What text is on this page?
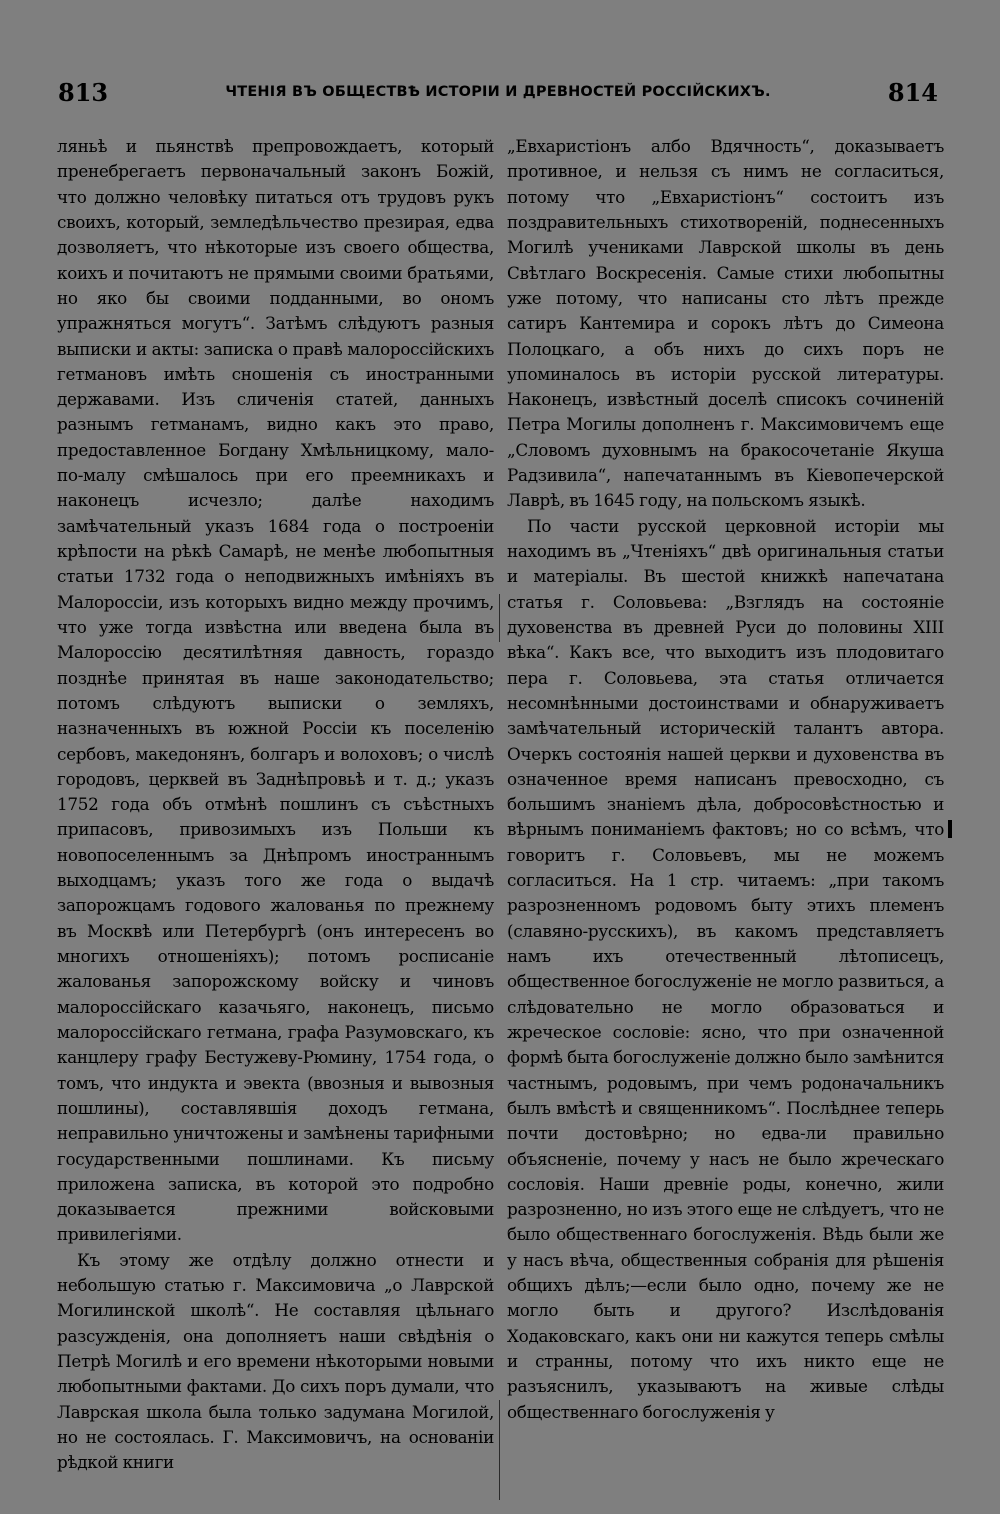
813	ЧТЕНІЯ ВЪ ОБЩЕСТВѢ ИСТОРІИ И ДРЕВНОСТЕЙ РОССІЙСКИХЪ.	814

ляньѣ и пьянствѣ препровождаетъ, который пренебрегаетъ первоначальный законъ Божій, что должно человѣку питаться отъ трудовъ рукъ своихъ, который, земледѣльчество презирая, едва дозволяетъ, что нѣкоторые изъ своего общества, коихъ и почитаютъ не прямыми своими братьями, но яко бы своими подданными, во ономъ упражняться могутъ“. Затѣмъ слѣдуютъ разныя выписки и акты: записка о правѣ малороссійскихъ гетмановъ имѣть сношенія съ иностранными державами. Изъ сличенія статей, данныхъ разнымъ гетманамъ, видно какъ это право, предоставленное Богдану Хмѣльницкому, мало-по-малу смѣшалось при его преемникахъ и наконецъ исчезло; далѣе находимъ замѣчательный указъ 1684 года о построеніи крѣпости на рѣкѣ Самарѣ, не менѣе любопытныя статьи 1732 года о неподвижныхъ имѣніяхъ въ Малороссіи, изъ которыхъ видно между прочимъ, что уже тогда извѣстна или введена была въ Малороссію десятилѣтняя давность, гораздо позднѣе принятая въ наше законодательство; потомъ слѣдуютъ выписки о земляхъ, назначенныхъ въ южной Россіи къ поселенію сербовъ, македонянъ, болгаръ и волоховъ; о числѣ городовъ, церквей въ Заднѣпровьѣ и т. д.; указъ 1752 года объ отмѣнѣ пошлинъ съ съѣстныхъ припасовъ, привозимыхъ изъ Польши къ новопоселеннымъ за Днѣпромъ иностраннымъ выходцамъ; указъ того же года о выдачѣ запорожцамъ годового жалованья по прежнему въ Москвѣ или Петербургѣ (онъ интересенъ во многихъ отношеніяхъ); потомъ росписаніе жалованья запорожскому войску и чиновъ малороссійскаго казачьяго, наконецъ, письмо малороссійскаго гетмана, графа Разумовскаго, къ канцлеру графу Бестужеву-Рюмину, 1754 года, о томъ, что индукта и эвекта (ввозныя и вывозныя пошлины), составлявшія доходъ гетмана, неправильно уничтожены и замѣнены тарифными государственными пошлинами. Къ письму приложена записка, въ которой это подробно доказывается прежними войсковыми привилегіями.

Къ этому же отдѣлу должно отнести и небольшую статью г. Максимовича „о Лаврской Могилинской школѣ“. Не составляя цѣльнаго разсужденія, она дополняетъ наши свѣдѣнія о Петрѣ Могилѣ и его времени нѣкоторыми новыми любопытными фактами. До сихъ поръ думали, что Лаврская школа была только задумана Могилой, но не состоялась. Г. Максимовичъ, на основаніи рѣдкой книги

„Евхаристіонъ албо Вдячность“, доказываетъ противное, и нельзя съ нимъ не согласиться, потому что „Евхаристіонъ“ состоитъ изъ поздравительныхъ стихотвореній, поднесенныхъ Могилѣ учениками Лаврской школы въ день Свѣтлаго Воскресенія. Самые стихи любопытны уже потому, что написаны сто лѣтъ прежде сатиръ Кантемира и сорокъ лѣтъ до Симеона Полоцкаго, а объ нихъ до сихъ поръ не упоминалось въ исторіи русской литературы. Наконецъ, извѣстный доселѣ списокъ сочиненій Петра Могилы дополненъ г. Максимовичемъ еще „Словомъ духовнымъ на бракосочетаніе Якуша Радзивила“, напечатаннымъ въ Кіевопечерской Лаврѣ, въ 1645 году, на польскомъ языкѣ.

По части русской церковной исторіи мы находимъ въ „Чтеніяхъ“ двѣ оригинальныя статьи и матеріалы. Въ шестой книжкѣ напечатана статья г. Соловьева: „Взглядъ на состояніе духовенства въ древней Руси до половины XIII вѣка“. Какъ все, что выходитъ изъ плодовитаго пера г. Соловьева, эта статья отличается несомнѣнными достоинствами и обнаруживаетъ замѣчательный историческій талантъ автора. Очеркъ состоянія нашей церкви и духовенства въ означенное время написанъ превосходно, съ большимъ знаніемъ дѣла, добросовѣстностью и вѣрнымъ пониманіемъ фактовъ; но со всѣмъ, что говоритъ г. Соловьевъ, мы не можемъ согласиться. На 1 стр. читаемъ: „при такомъ разрозненномъ родовомъ быту этихъ племенъ (славяно-русскихъ), въ какомъ представляетъ намъ ихъ отечественный лѣтописецъ, общественное богослуженіе не могло развиться, а слѣдовательно не могло образоваться и жреческое сословіе: ясно, что при означенной формѣ быта богослуженіе должно было замѣнится частнымъ, родовымъ, при чемъ родоначальникъ былъ вмѣстѣ и священникомъ“. Послѣднее теперь почти достовѣрно; но едва-ли правильно объясненіе, почему у насъ не было жреческаго сословія. Наши древніе роды, конечно, жили разрозненно, но изъ этого еще не слѣдуетъ, что не было общественнаго богослуженія. Вѣдь были же у насъ вѣча, общественныя собранія для рѣшенія общихъ дѣлъ;—если было одно, почему же не могло быть и другого? Изслѣдованія Ходаковскаго, какъ они ни кажутся теперь смѣлы и странны, потому что ихъ никто еще не разъяснилъ, указываютъ на живые слѣды общественнаго богослуженія у
